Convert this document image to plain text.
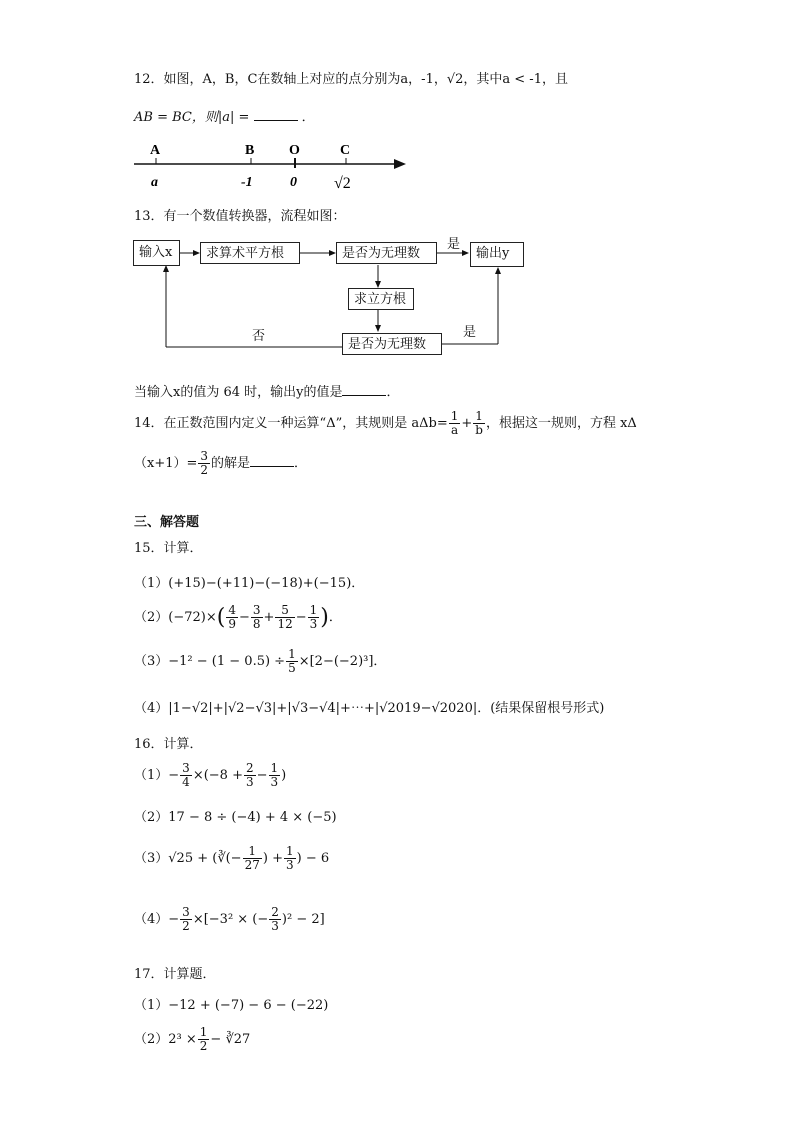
12．如图，A，B，C在数轴上对应的点分别为a，-1，√2，其中a < -1，且
AB = BC，则|a| =	．
A	B O	C
a	-1	0 √2
13．有一个数值转换器，流程如图：
输入x	求算术平方根	是否为无理数	输出y
求立方根
是否为无理数
是
是
否
当输入x的值为 64 时，输出y的值是	．
14．在正数范围内定义一种运算“Δ”，其规则是 $a\Delta b= \frac{1}{a} + \frac{1}{b}$ ，根据这一规则，方程 xΔ
$(x+1)= \frac{3}{2}$ 的解是	．
三、解答题
15．计算．
（1）(+15)−(+11)−(−18)+(−15)．
$(2)(-72)\times( \frac{4}{9} - \frac{3}{8} + \frac{5}{12} - \frac{1}{3}$ )．
$(3)-1^2 - (1 - 0.5) \div \frac{1}{5} \times[2-(-2)^3]$．
（4）|1−√2|+|√2−√3|+|√3−√4|+⋯+|√2019−√2020|．(结果保留根号形式)
16．计算．
$(1)- \frac{3}{4} \times(-8 + \frac{2}{3} - \frac{1}{3}$ )
（2）17 − 8 ÷ (−4) + 4 × (−5)
（3）√25 + (∛(− $\frac{1}{27}$ ) + $\frac{1}{3}$ ) − 6
$(4)- \frac{3}{2} \times[-3^2$ × (− $\frac{2}{3} )^2 - 2$]
17．计算题．
（1）−12 + (−7) − 6 − (−22)
$(2)2^3 \times \frac{1}{2}$ − ∛27
